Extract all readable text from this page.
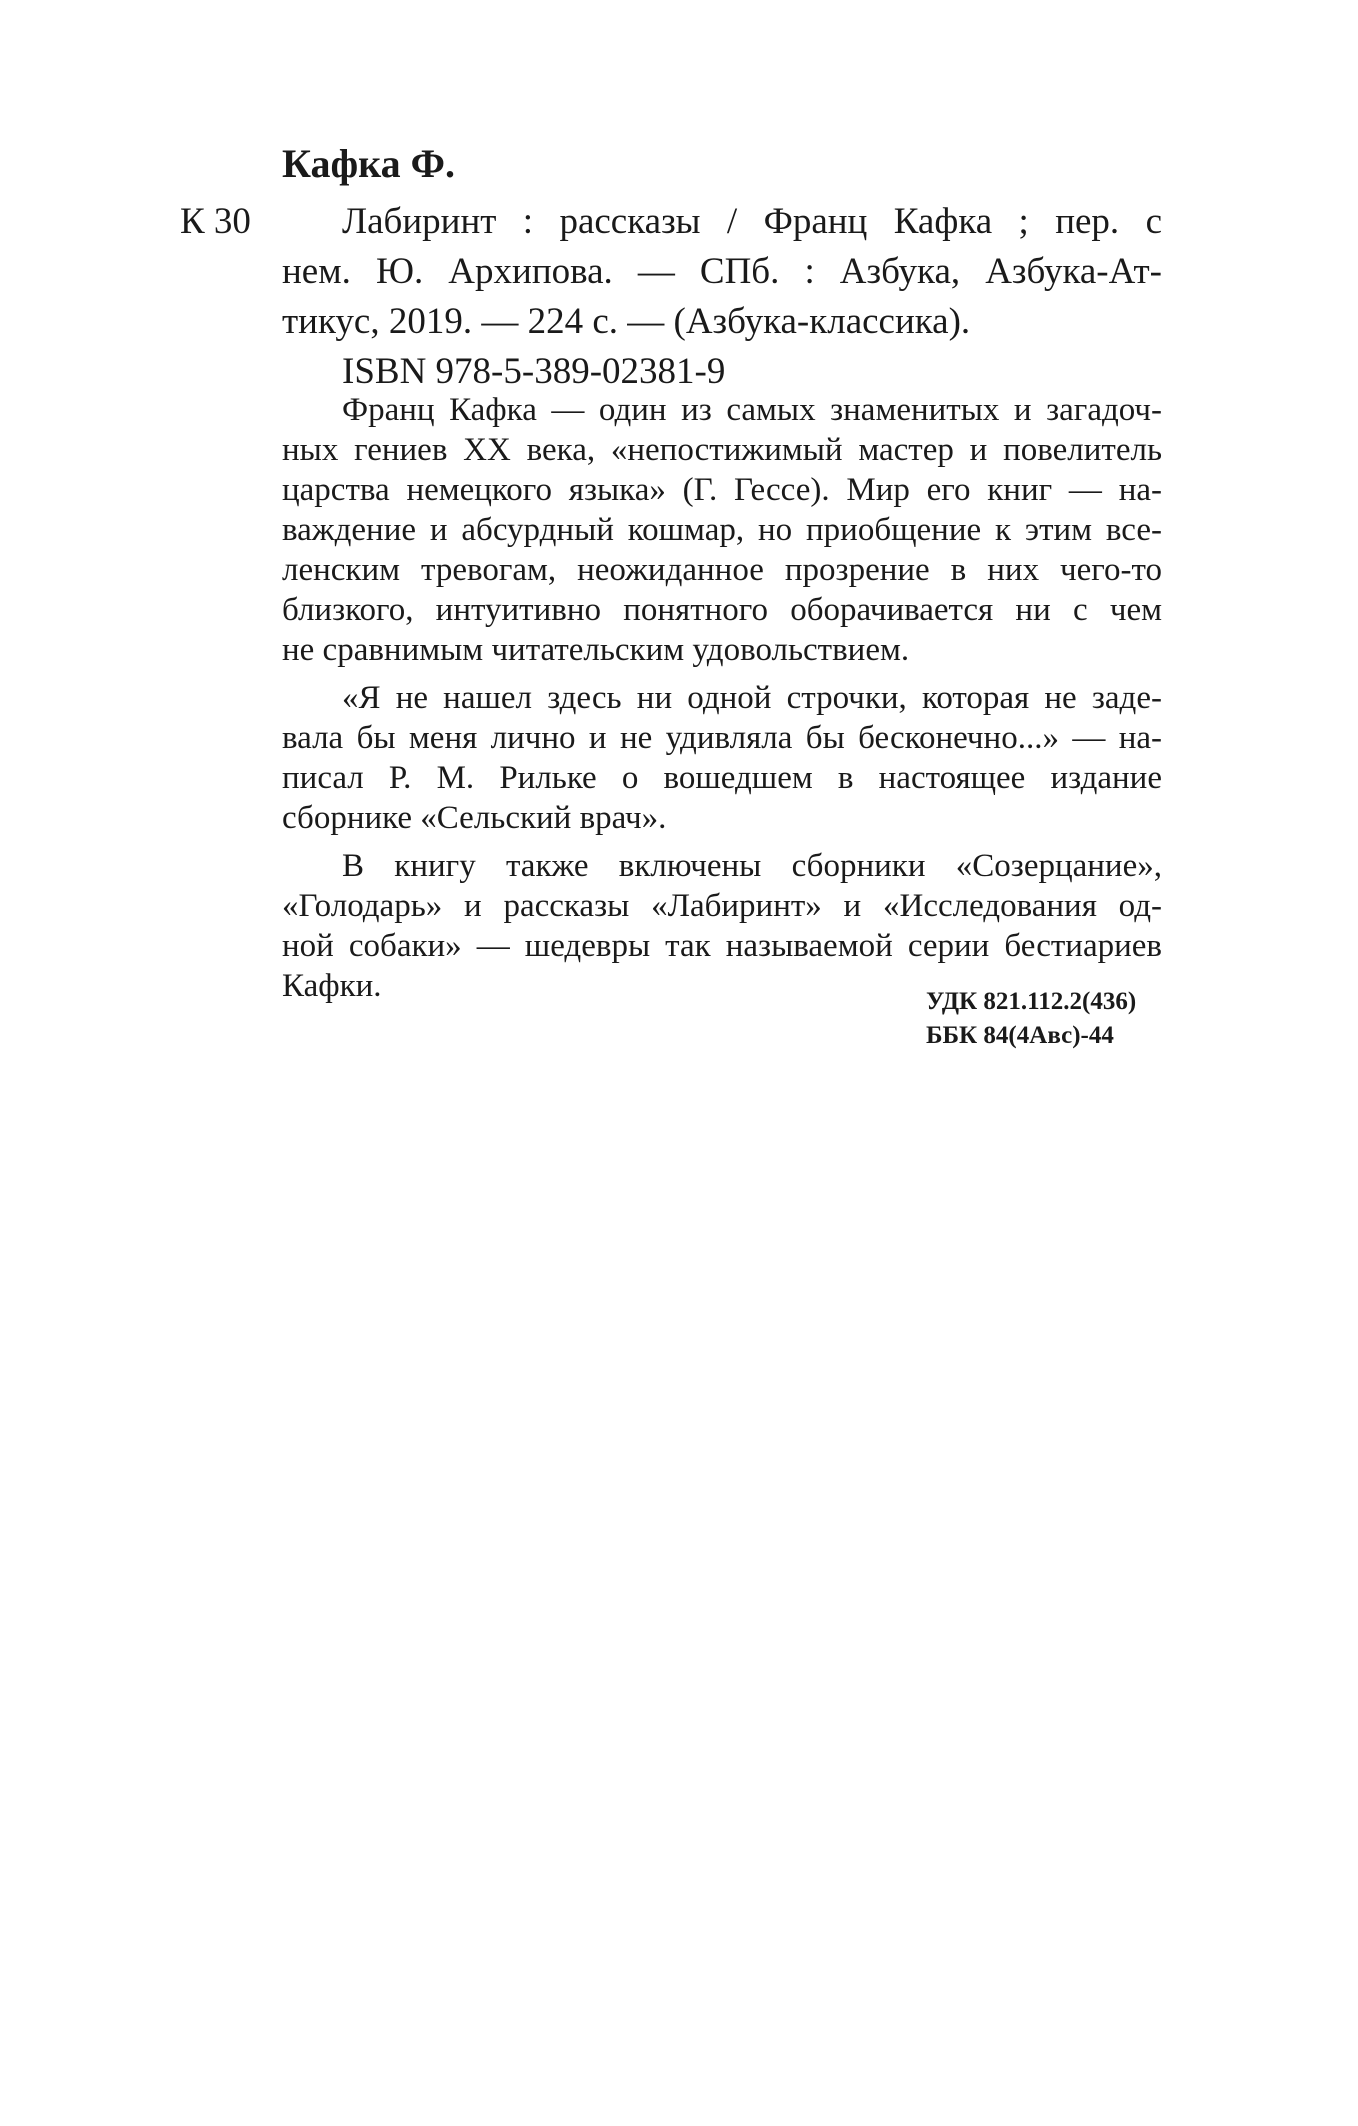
Кафка Ф.
К 30 Лабиринт : рассказы / Франц Кафка ; пер. с
нем. Ю. Архипова. — СПб. : Азбука, Азбука-Ат-
тикус, 2019. — 224 с. — (Азбука-классика).
ISBN 978-5-389-02381-9
Франц Кафка — один из самых знаменитых и загадоч-
ных гениев XX века, «непостижимый мастер и повелитель
царства немецкого языка» (Г. Гессе). Мир его книг — на-
важдение и абсурдный кошмар, но приобщение к этим все-
ленским тревогам, неожиданное прозрение в них чего-то
близкого, интуитивно понятного оборачивается ни с чем
не сравнимым читательским удовольствием.
«Я не нашел здесь ни одной строчки, которая не заде-
вала бы меня лично и не удивляла бы бесконечно...» — на-
писал Р. М. Рильке о вошедшем в настоящее издание
сборнике «Сельский врач».
В книгу также включены сборники «Созерцание»,
«Голодарь» и рассказы «Лабиринт» и «Исследования од-
ной собаки» — шедевры так называемой серии бестиариев
Кафки.	УДК 821.112.2(436)
ББК 84(4Авс)-44
